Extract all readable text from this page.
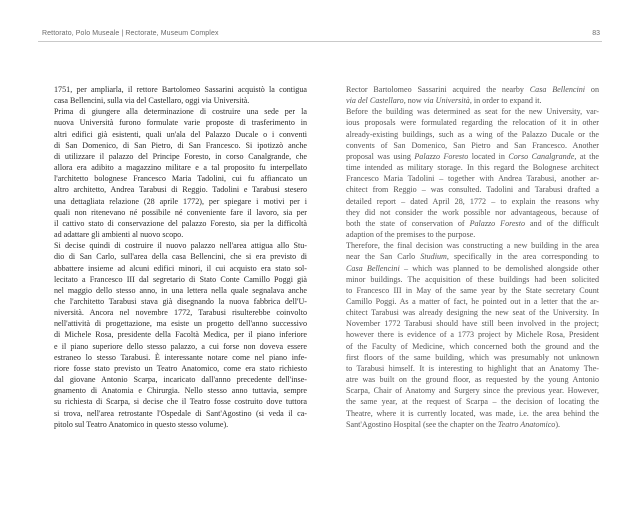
Rettorato, Polo Museale | Rectorate, Museum Complex	83

1751, per ampliarla, il rettore Bartolomeo Sassarini acquistò la contigua

casa Bellencini, sulla via del Castellaro, oggi via Università.

Prima di giungere alla determinazione di costruire una sede per la

nuova Università furono formulate varie proposte di trasferimento in

altri edifici già esistenti, quali un'ala del Palazzo Ducale o i conventi

di San Domenico, di San Pietro, di San Francesco. Si ipotizzò anche

di utilizzare il palazzo del Principe Foresto, in corso Canalgrande, che

allora era adibito a magazzino militare e a tal proposito fu interpellato

l'architetto bolognese Francesco Maria Tadolini, cui fu affiancato un

altro architetto, Andrea Tarabusi di Reggio. Tadolini e Tarabusi stesero

una dettagliata relazione (28 aprile 1772), per spiegare i motivi per i

quali non ritenevano né possibile né conveniente fare il lavoro, sia per

il cattivo stato di conservazione del palazzo Foresto, sia per la difficoltà

ad adattare gli ambienti al nuovo scopo.

Si decise quindi di costruire il nuovo palazzo nell'area attigua allo Stu-

dio di San Carlo, sull'area della casa Bellencini, che si era previsto di

abbattere insieme ad alcuni edifici minori, il cui acquisto era stato sol-

lecitato a Francesco III dal segretario di Stato Conte Camillo Poggi già

nel maggio dello stesso anno, in una lettera nella quale segnalava anche

che l'architetto Tarabusi stava già disegnando la nuova fabbrica dell'U-

niversità. Ancora nel novembre 1772, Tarabusi risulterebbe coinvolto

nell'attività di progettazione, ma esiste un progetto dell'anno successivo

di Michele Rosa, presidente della Facoltà Medica, per il piano inferiore

e il piano superiore dello stesso palazzo, a cui forse non doveva essere

estraneo lo stesso Tarabusi. È interessante notare come nel piano infe-

riore fosse stato previsto un Teatro Anatomico, come era stato richiesto

dal giovane Antonio Scarpa, incaricato dall'anno precedente dell'inse-

gnamento di Anatomia e Chirurgia. Nello stesso anno tuttavia, sempre

su richiesta di Scarpa, si decise che il Teatro fosse costruito dove tuttora

si trova, nell'area retrostante l'Ospedale di Sant'Agostino (si veda il ca-

pitolo sul Teatro Anatomico in questo stesso volume).

Rector Bartolomeo Sassarini acquired the nearby Casa Bellencini on

via del Castellaro, now via Università, in order to expand it.

Before the building was determined as seat for the new University, var-

ious proposals were formulated regarding the relocation of it in other

already-existing buildings, such as a wing of the Palazzo Ducale or the

convents of San Domenico, San Pietro and San Francesco. Another

proposal was using Palazzo Foresto located in Corso Canalgrande, at the

time intended as military storage. In this regard the Bolognese architect

Francesco Maria Tadolini – together with Andrea Tarabusi, another ar-

chitect from Reggio – was consulted. Tadolini and Tarabusi drafted a

detailed report – dated April 28, 1772 – to explain the reasons why

they did not consider the work possible nor advantageous, because of

both the state of conservation of Palazzo Foresto and of the difficult

adaption of the premises to the purpose.

Therefore, the final decision was constructing a new building in the area

near the San Carlo Studium, specifically in the area corresponding to

Casa Bellencini – which was planned to be demolished alongside other

minor buildings. The acquisition of these buildings had been solicited

to Francesco III in May of the same year by the State secretary Count

Camillo Poggi. As a matter of fact, he pointed out in a letter that the ar-

chitect Tarabusi was already designing the new seat of the University. In

November 1772 Tarabusi should have still been involved in the project;

however there is evidence of a 1773 project by Michele Rosa, President

of the Faculty of Medicine, which concerned both the ground and the

first floors of the same building, which was presumably not unknown

to Tarabusi himself. It is interesting to highlight that an Anatomy The-

atre was built on the ground floor, as requested by the young Antonio

Scarpa, Chair of Anatomy and Surgery since the previous year. However,

the same year, at the request of Scarpa – the decision of locating the

Theatre, where it is currently located, was made, i.e. the area behind the

Sant'Agostino Hospital (see the chapter on the Teatro Anatomico).
